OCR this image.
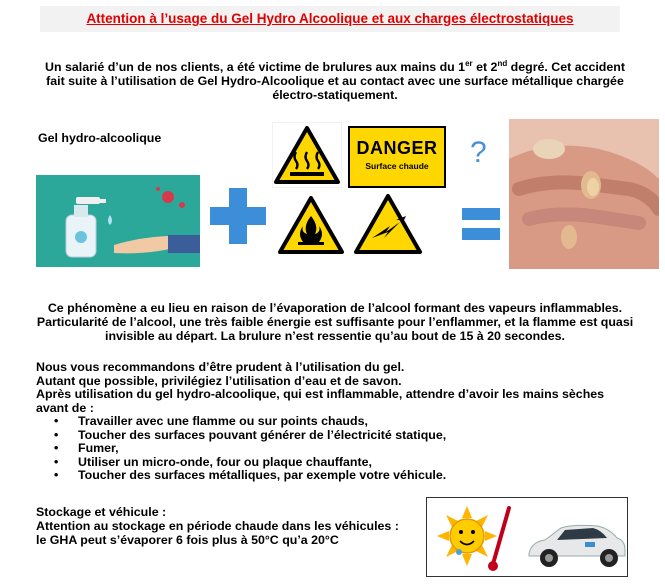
Attention à l’usage du Gel Hydro Alcoolique et aux charges électrostatiques
Un salarié d’un de nos clients, a été victime de brulures aux mains du 1er et 2nd degré. Cet accident fait suite à l’utilisation de Gel Hydro-Alcoolique et au contact avec une surface métallique chargée électro-statiquement.
Gel hydro-alcoolique	DANGER
Surface chaude	?
Ce phénomène a eu lieu en raison de l’évaporation de l’alcool formant des vapeurs inflammables. Particularité de l’alcool, une très faible énergie est suffisante pour l’enflammer, et la flamme est quasi invisible au départ. La brulure n’est ressentie qu’au bout de 15 à 20 secondes.
Nous vous recommandons d’être prudent à l’utilisation du gel.
Autant que possible, privilégiez l’utilisation d’eau et de savon.
Après utilisation du gel hydro-alcoolique, qui est inflammable, attendre d’avoir les mains sèches avant de :
• Travailler avec une flamme ou sur points chauds,
• Toucher des surfaces pouvant générer de l’électricité statique,
• Fumer,
• Utiliser un micro-onde, four ou plaque chauffante,
• Toucher des surfaces métalliques, par exemple votre véhicule.
Stockage et véhicule :
Attention au stockage en période chaude dans les véhicules :
le GHA peut s’évaporer 6 fois plus à 50°C qu’a 20°C
